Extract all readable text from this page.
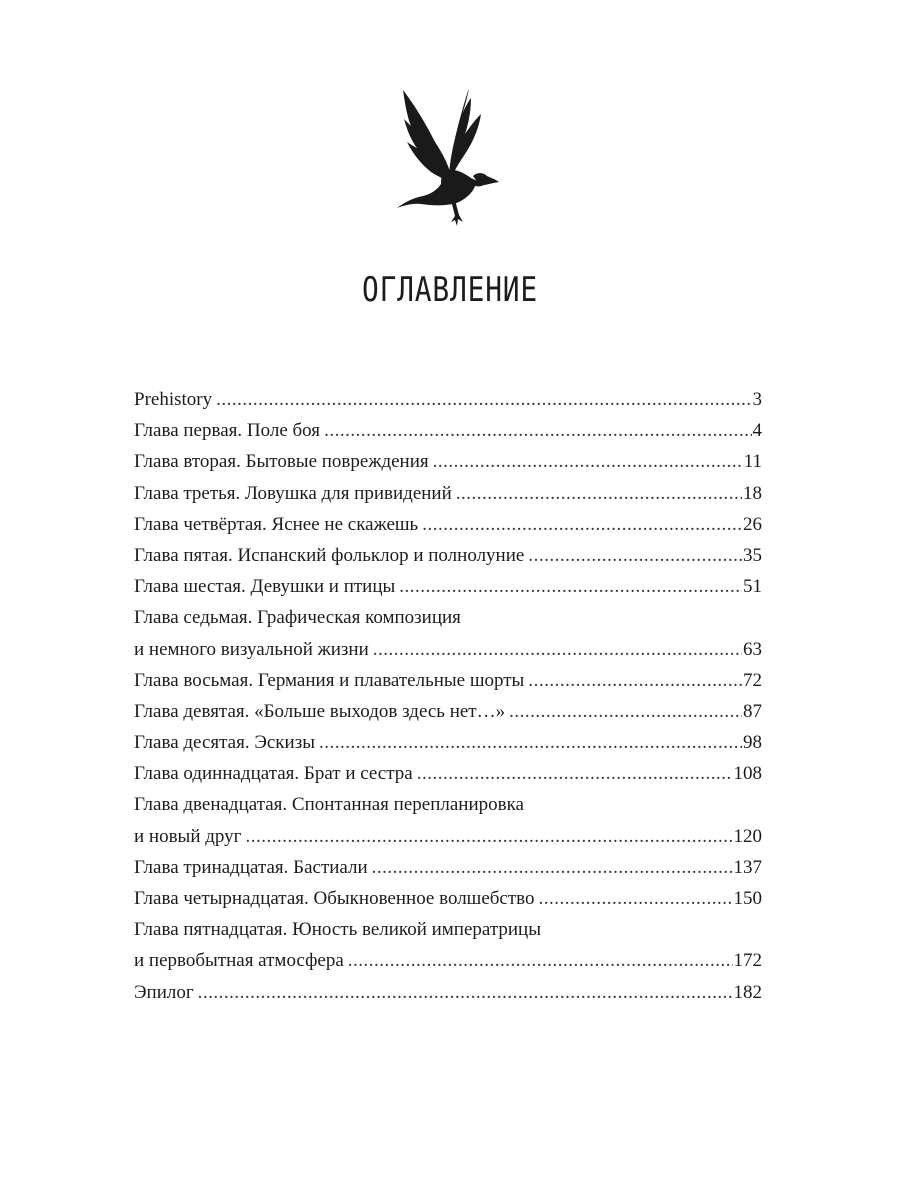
ОГЛАВЛЕНИЕ
Prehistory .....	3
Глава первая. Поле боя .....	4
Глава вторая. Бытовые повреждения .....	11
Глава третья. Ловушка для привидений .....	18
Глава четвёртая. Яснее не скажешь .....	26
Глава пятая. Испанский фольклор и полнолуние .....	35
Глава шестая. Девушки и птицы .....	51
Глава седьмая. Графическая композиция
и немного визуальной жизни .....	63
Глава восьмая. Германия и плавательные шорты .....	72
Глава девятая. «Больше выходов здесь нет…» .....	87
Глава десятая. Эскизы .....	98
Глава одиннадцатая. Брат и сестра .....	108
Глава двенадцатая. Спонтанная перепланировка
и новый друг .....	120
Глава тринадцатая. Бастиали .....	137
Глава четырнадцатая. Обыкновенное волшебство .....	150
Глава пятнадцатая. Юность великой императрицы
и первобытная атмосфера .....	172
Эпилог .....	182
